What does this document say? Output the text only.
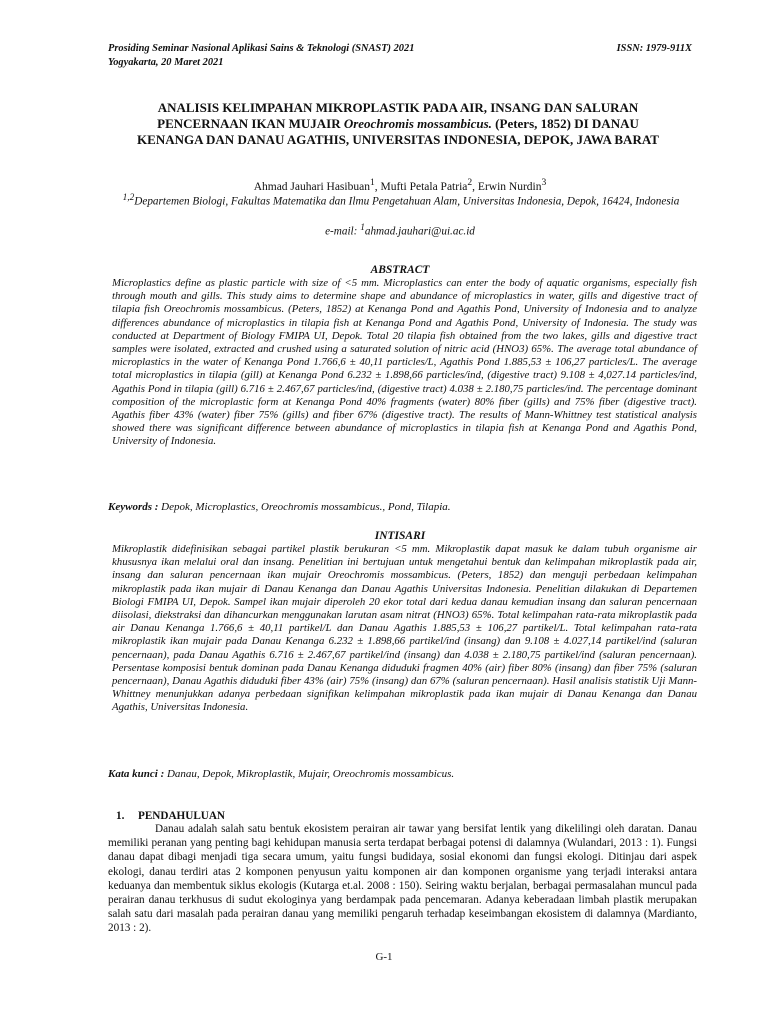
Prosiding Seminar Nasional Aplikasi Sains & Teknologi (SNAST) 2021
Yogyakarta, 20 Maret 2021
ISSN: 1979-911X
ANALISIS KELIMPAHAN MIKROPLASTIK PADA AIR, INSANG DAN SALURAN PENCERNAAN IKAN MUJAIR Oreochromis mossambicus. (Peters, 1852) DI DANAU KENANGA DAN DANAU AGATHIS, UNIVERSITAS INDONESIA, DEPOK, JAWA BARAT
Ahmad Jauhari Hasibuan$^1$, Mufti Petala Patria$^2$, Erwin Nurdin$^3$
$^{1,2}$Departemen Biologi, Fakultas Matematika dan Ilmu Pengetahuan Alam, Universitas Indonesia, Depok, 16424, Indonesia
e-mail: $^1$ahmad.jauhari@ui.ac.id
ABSTRACT

Microplastics define as plastic particle with size of <5 mm. Microplastics can enter the body of aquatic organisms, especially fish through mouth and gills. This study aims to determine shape and abundance of microplastics in water, gills and digestive tract of tilapia fish Oreochromis mossambicus. (Peters, 1852) at Kenanga Pond and Agathis Pond, University of Indonesia and to analyze differences abundance of microplastics in tilapia fish at Kenanga Pond and Agathis Pond, University of Indonesia. The study was conducted at Department of Biology FMIPA UI, Depok. Total 20 tilapia fish obtained from the two lakes, gills and digestive tract samples were isolated, extracted and crushed using a saturated solution of nitric acid (HNO3) 65%. The average total abundance of microplastics in the water of Kenanga Pond 1.766,6 ± 40,11 particles/L, Agathis Pond 1.885,53 ± 106,27 particles/L. The average total microplastics in tilapia (gill) at Kenanga Pond 6.232 ± 1.898,66 particles/ind, (digestive tract) 9.108 ± 4,027.14 particles/ind, Agathis Pond in tilapia (gill) 6.716 ± 2.467,67 particles/ind, (digestive tract) 4.038 ± 2.180,75 particles/ind. The percentage dominant composition of the microplastic form at Kenanga Pond 40% fragments (water) 80% fiber (gills) and 75% fiber (digestive tract). Agathis fiber 43% (water) fiber 75% (gills) and fiber 67% (digestive tract). The results of Mann-Whittney test statistical analysis showed there was significant difference between abundance of microplastics in tilapia fish at Kenanga Pond and Agathis Pond, University of Indonesia.

Keywords : Depok, Microplastics, Oreochromis mossambicus., Pond, Tilapia.
INTISARI

Mikroplastik didefinisikan sebagai partikel plastik berukuran <5 mm. Mikroplastik dapat masuk ke dalam tubuh organisme air khususnya ikan melalui oral dan insang. Penelitian ini bertujuan untuk mengetahui bentuk dan kelimpahan mikroplastik pada air, insang dan saluran pencernaan ikan mujair Oreochromis mossambicus. (Peters, 1852) dan menguji perbedaan kelimpahan mikroplastik pada ikan mujair di Danau Kenanga dan Danau Agathis Universitas Indonesia. Penelitian dilakukan di Departemen Biologi FMIPA UI, Depok. Sampel ikan mujair diperoleh 20 ekor total dari kedua danau kemudian insang dan saluran pencernaan diisolasi, diekstraksi dan dihancurkan menggunakan larutan asam nitrat (HNO3) 65%. Total kelimpahan rata-rata mikroplastik pada air Danau Kenanga 1.766,6 ± 40,11 partikel/L dan Danau Agathis 1.885,53 ± 106,27 partikel/L. Total kelimpahan rata-rata mikroplastik ikan mujair pada Danau Kenanga 6.232 ± 1.898,66 partikel/ind (insang) dan 9.108 ± 4.027,14 partikel/ind (saluran pencernaan), pada Danau Agathis 6.716 ± 2.467,67 partikel/ind (insang) dan 4.038 ± 2.180,75 partikel/ind (saluran pencernaan). Persentase komposisi bentuk dominan pada Danau Kenanga diduduki fragmen 40% (air) fiber 80% (insang) dan fiber 75% (saluran pencernaan), Danau Agathis diduduki fiber 43% (air) 75% (insang) dan 67% (saluran pencernaan). Hasil analisis statistik Uji Mann-Whittney menunjukkan adanya perbedaan signifikan kelimpahan mikroplastik pada ikan mujair di Danau Kenanga dan Danau Agathis, Universitas Indonesia.

Kata kunci : Danau, Depok, Mikroplastik, Mujair, Oreochromis mossambicus.
1. PENDAHULUAN

Danau adalah salah satu bentuk ekosistem perairan air tawar yang bersifat lentik yang dikelilingi oleh daratan. Danau memiliki peranan yang penting bagi kehidupan manusia serta terdapat berbagai potensi di dalamnya (Wulandari, 2013 : 1). Fungsi danau dapat dibagi menjadi tiga secara umum, yaitu fungsi budidaya, sosial ekonomi dan fungsi ekologi. Ditinjau dari aspek ekologi, danau terdiri atas 2 komponen penyusun yaitu komponen air dan komponen organisme yang terjadi interaksi antara keduanya dan membentuk siklus ekologis (Kutarga et.al. 2008 : 150). Seiring waktu berjalan, berbagai permasalahan muncul pada perairan danau terkhusus di sudut ekologinya yang berdampak pada pencemaran. Adanya keberadaan limbah plastik merupakan salah satu dari masalah pada perairan danau yang memiliki pengaruh terhadap keseimbangan ekosistem di dalamnya (Mardianto, 2013 : 2).

G-1
